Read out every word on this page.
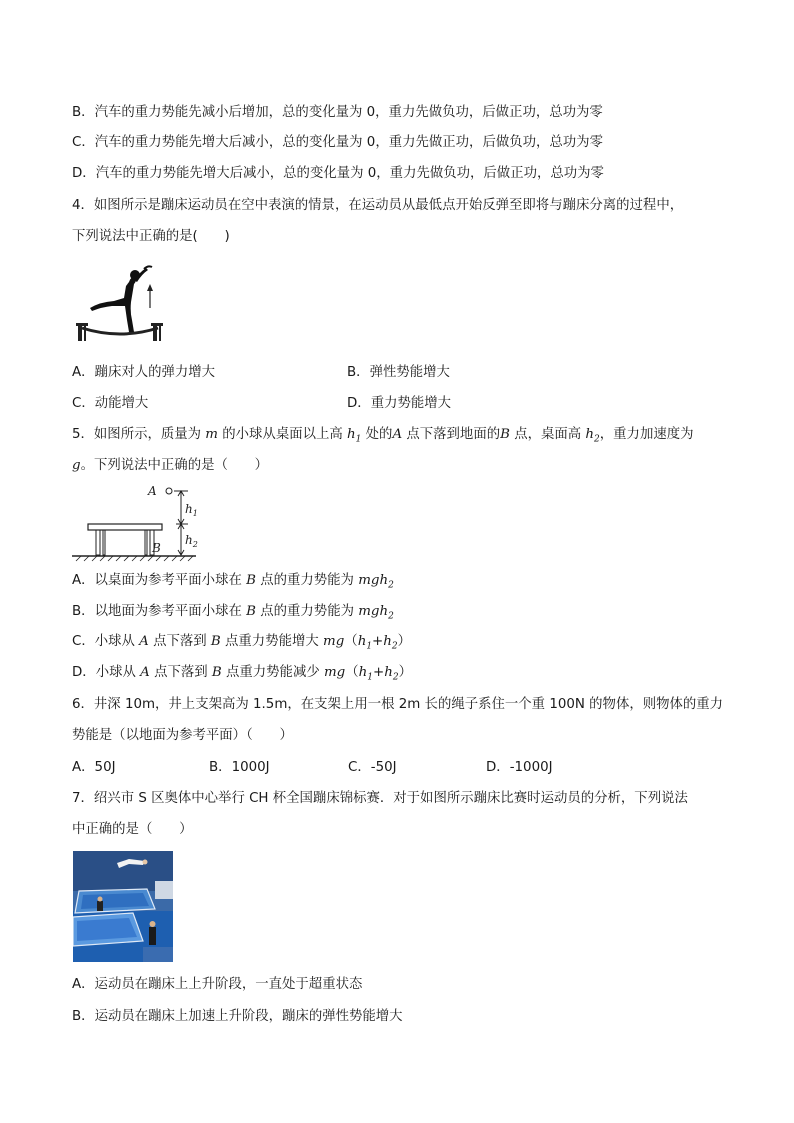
B．汽车的重力势能先减小后增加，总的变化量为 0，重力先做负功，后做正功，总功为零
C．汽车的重力势能先增大后减小，总的变化量为 0，重力先做正功，后做负功，总功为零
D．汽车的重力势能先增大后减小，总的变化量为 0，重力先做负功，后做正功，总功为零
4．如图所示是蹦床运动员在空中表演的情景，在运动员从最低点开始反弹至即将与蹦床分离的过程中，
下列说法中正确的是(　　)
A．蹦床对人的弹力增大	B．弹性势能增大
C．动能增大	D．重力势能增大
5．如图所示，质量为 m 的小球从桌面以上高 $h_1$ 处的A 点下落到地面的B 点，桌面高 $h_2$，重力加速度为
g。下列说法中正确的是（　　）
A
$h_1$
$h_2$
B
A．以桌面为参考平面小球在 B 点的重力势能为 mgh$_2$
B．以地面为参考平面小球在 B 点的重力势能为 mgh$_2$
C．小球从 A 点下落到 B 点重力势能增大 $mg(h_1+h_2)$
D．小球从 A 点下落到 B 点重力势能减少 $mg(h_1+h_2)$
6．井深 10m，井上支架高为 1.5m，在支架上用一根 2m 长的绳子系住一个重 100N 的物体，则物体的重力
势能是（以地面为参考平面）（　　）
A．50J	B．1000J	C．-50J	D．-1000J
7．绍兴市 S 区奥体中心举行 CH 杯全国蹦床锦标赛．对于如图所示蹦床比赛时运动员的分析，下列说法
中正确的是（　　）
A．运动员在蹦床上上升阶段，一直处于超重状态
B．运动员在蹦床上加速上升阶段，蹦床的弹性势能增大
